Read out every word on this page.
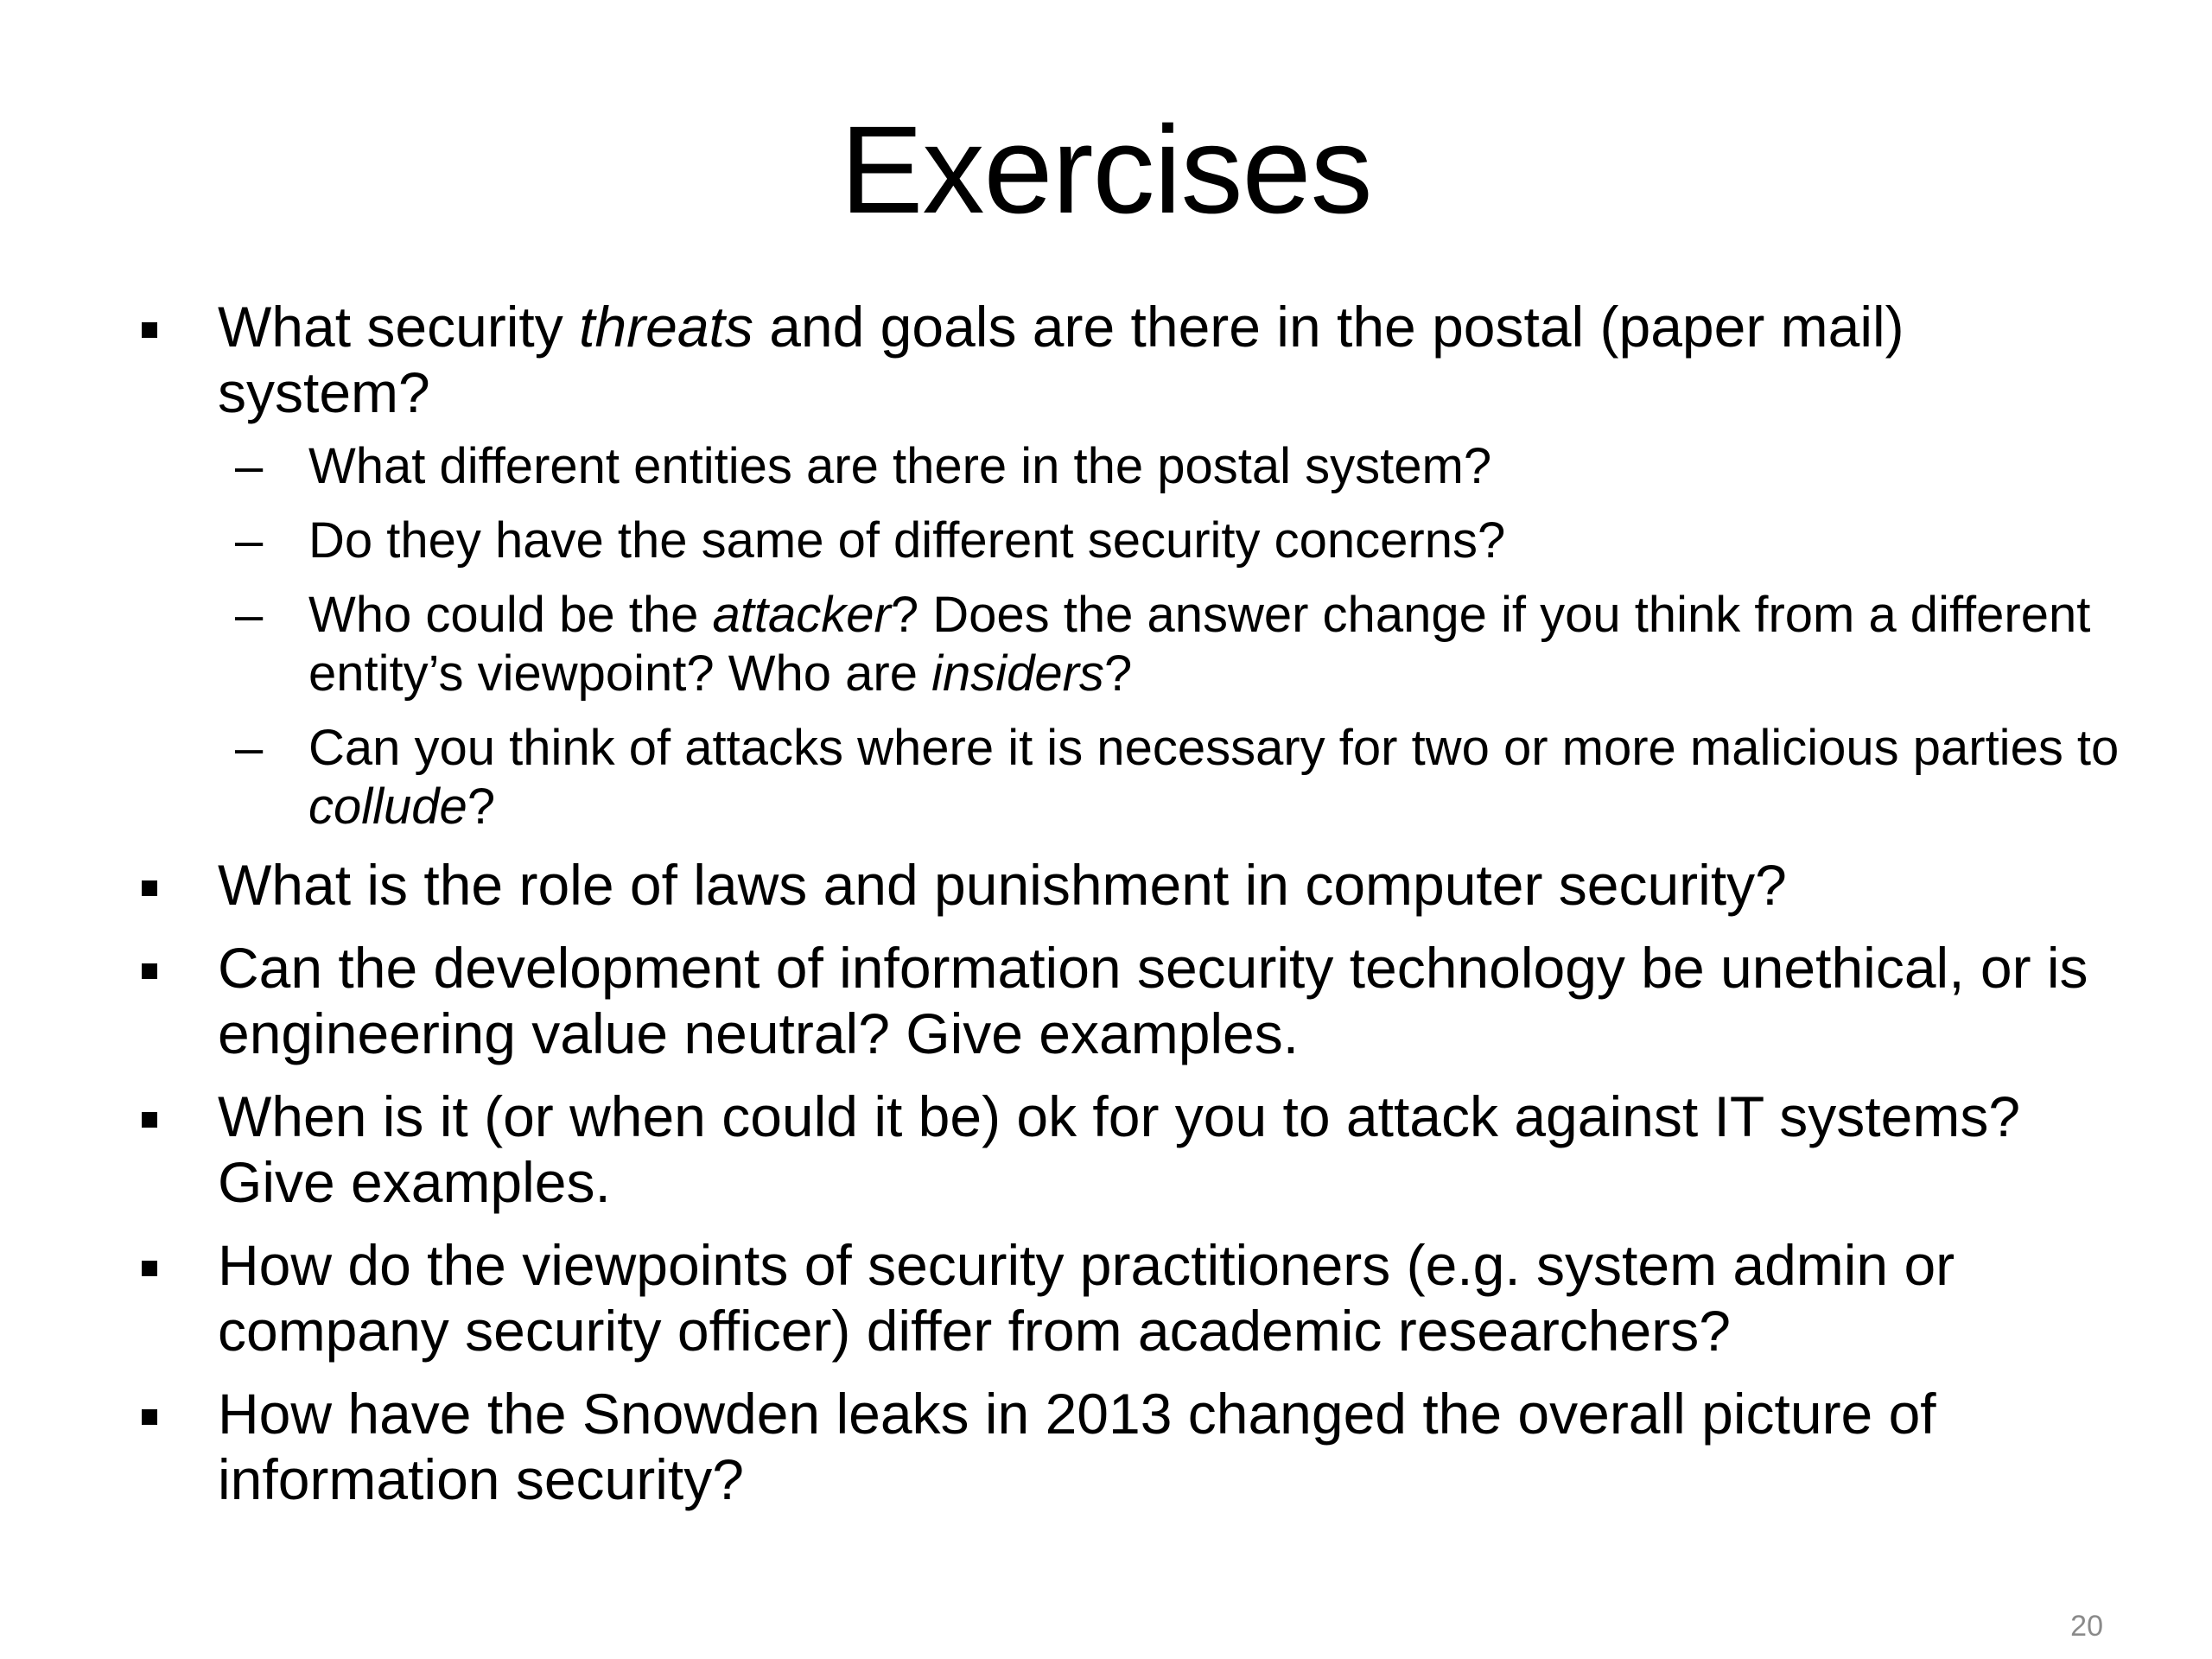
Exercises
What security threats and goals are there in the postal (paper mail) system?
– What different entities are there in the postal system?
– Do they have the same of different security concerns?
– Who could be the attacker? Does the answer change if you think from a different entity’s viewpoint? Who are insiders?
– Can you think of attacks where it is necessary for two or more malicious parties to collude?
What is the role of laws and punishment in computer security?
Can the development of information security technology be unethical, or is engineering value neutral? Give examples.
When is it (or when could it be) ok for you to attack against IT systems? Give examples.
How do the viewpoints of security practitioners (e.g. system admin or company security officer) differ from academic researchers?
How have the Snowden leaks in 2013 changed the overall picture of information security?
20
